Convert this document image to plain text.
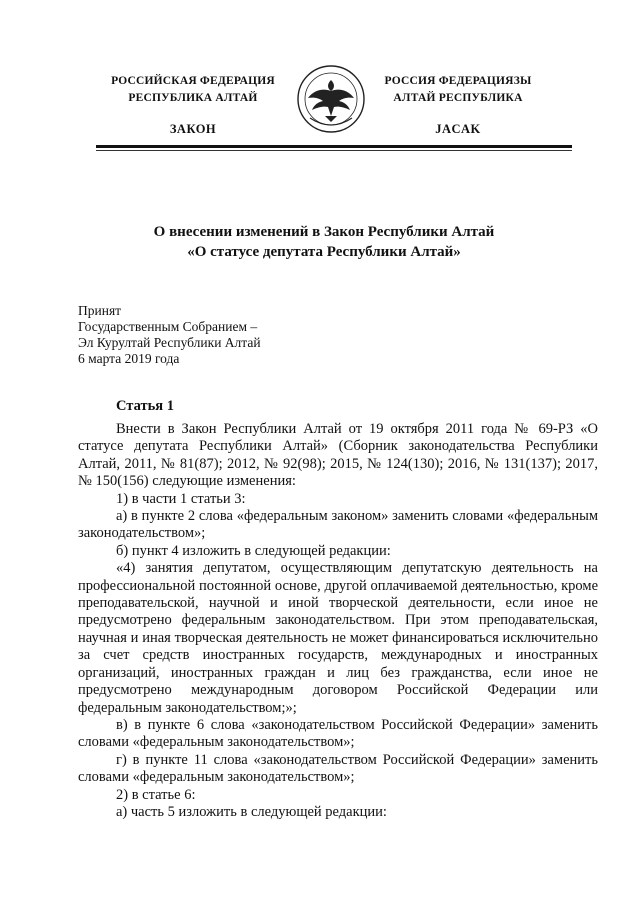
РОССИЙСКАЯ ФЕДЕРАЦИЯ
РЕСПУБЛИКА АЛТАЙ
ЗАКОН
РОССИЯ ФЕДЕРАЦИЯЗЫ
АЛТАЙ РЕСПУБЛИКА
JACAK
О внесении изменений в Закон Республики Алтай
«О статусе депутата Республики Алтай»
Принят
Государственным Собранием –
Эл Курултай Республики Алтай
6 марта 2019 года
Статья 1

Внести в Закон Республики Алтай от 19 октября 2011 года № 69-РЗ «О статусе депутата Республики Алтай» (Сборник законодательства Республики Алтай, 2011, № 81(87); 2012, № 92(98); 2015, № 124(130); 2016, № 131(137); 2017, № 150(156) следующие изменения:

1) в части 1 статьи 3:

а) в пункте 2 слова «федеральным законом» заменить словами «федеральным законодательством»;

б) пункт 4 изложить в следующей редакции:

«4) занятия депутатом, осуществляющим депутатскую деятельность на профессиональной постоянной основе, другой оплачиваемой деятельностью, кроме преподавательской, научной и иной творческой деятельности, если иное не предусмотрено федеральным законодательством. При этом преподавательская, научная и иная творческая деятельность не может финансироваться исключительно за счет средств иностранных государств, международных и иностранных организаций, иностранных граждан и лиц без гражданства, если иное не предусмотрено международным договором Российской Федерации или федеральным законодательством;»;

в) в пункте 6 слова «законодательством Российской Федерации» заменить словами «федеральным законодательством»;

г) в пункте 11 слова «законодательством Российской Федерации» заменить словами «федеральным законодательством»;

2) в статье 6:

а) часть 5 изложить в следующей редакции:
